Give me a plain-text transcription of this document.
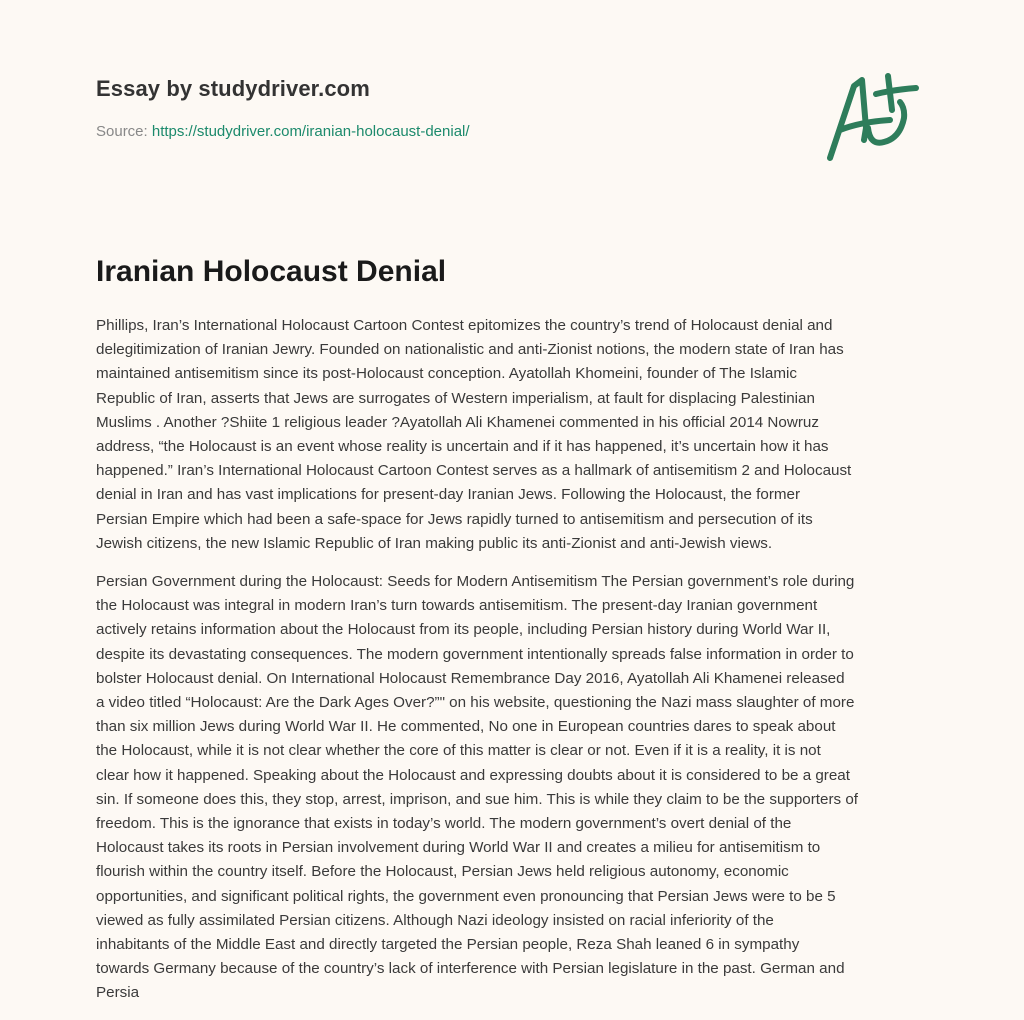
Essay by studydriver.com
Source: https://studydriver.com/iranian-holocaust-denial/
Iranian Holocaust Denial

Phillips, Iran’s International Holocaust Cartoon Contest epitomizes the country’s trend of Holocaust denial and
delegitimization of Iranian Jewry. Founded on nationalistic and anti-Zionist notions, the modern state of Iran has
maintained antisemitism since its post-Holocaust conception. Ayatollah Khomeini, founder of The Islamic
Republic of Iran, asserts that Jews are surrogates of Western imperialism, at fault for displacing Palestinian
Muslims . Another ?Shiite 1 religious leader ?Ayatollah Ali Khamenei commented in his official 2014 Nowruz
address, “the Holocaust is an event whose reality is uncertain and if it has happened, it’s uncertain how it has
happened.” Iran’s International Holocaust Cartoon Contest serves as a hallmark of antisemitism 2 and Holocaust
denial in Iran and has vast implications for present-day Iranian Jews. Following the Holocaust, the former
Persian Empire which had been a safe-space for Jews rapidly turned to antisemitism and persecution of its
Jewish citizens, the new Islamic Republic of Iran making public its anti-Zionist and anti-Jewish views.

Persian Government during the Holocaust: Seeds for Modern Antisemitism The Persian government’s role during
the Holocaust was integral in modern Iran’s turn towards antisemitism. The present-day Iranian government
actively retains information about the Holocaust from its people, including Persian history during World War II,
despite its devastating consequences. The modern government intentionally spreads false information in order to
bolster Holocaust denial. On International Holocaust Remembrance Day 2016, Ayatollah Ali Khamenei released
a video titled “Holocaust: Are the Dark Ages Over?”" on his website, questioning the Nazi mass slaughter of more
than six million Jews during World War II. He commented, No one in European countries dares to speak about
the Holocaust, while it is not clear whether the core of this matter is clear or not. Even if it is a reality, it is not
clear how it happened. Speaking about the Holocaust and expressing doubts about it is considered to be a great
sin. If someone does this, they stop, arrest, imprison, and sue him. This is while they claim to be the supporters of
freedom. This is the ignorance that exists in today’s world. The modern government’s overt denial of the
Holocaust takes its roots in Persian involvement during World War II and creates a milieu for antisemitism to
flourish within the country itself. Before the Holocaust, Persian Jews held religious autonomy, economic
opportunities, and significant political rights, the government even pronouncing that Persian Jews were to be 5
viewed as fully assimilated Persian citizens. Although Nazi ideology insisted on racial inferiority of the
inhabitants of the Middle East and directly targeted the Persian people, Reza Shah leaned 6 in sympathy
towards Germany because of the country’s lack of interference with Persian legislature in the past. German and
Persia
